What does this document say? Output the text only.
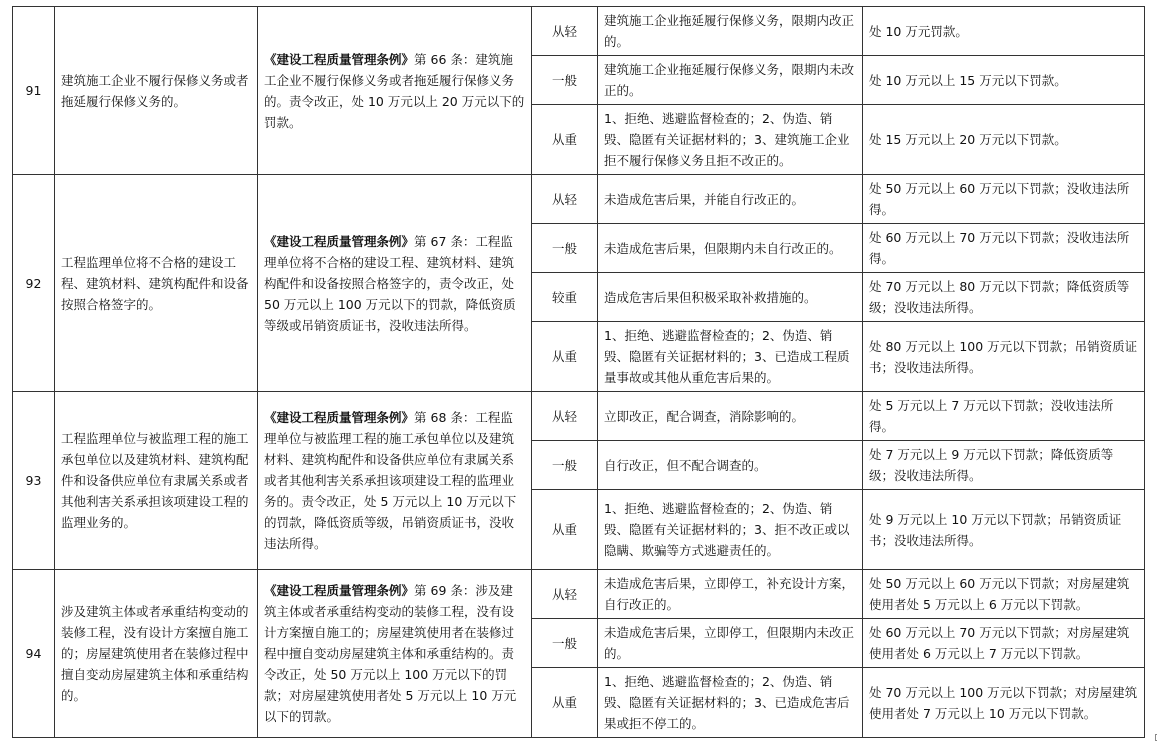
91	建筑施工企业不履行保修义务或者拖延履行保修义务的。	《建设工程质量管理条例》第 66 条：建筑施工企业不履行保修义务或者拖延履行保修义务的。责令改正，处 10 万元以上 20 万元以下的罚款。	从轻	建筑施工企业拖延履行保修义务，限期内改正的。	处 10 万元罚款。
			一般	建筑施工企业拖延履行保修义务，限期内未改正的。	处 10 万元以上 15 万元以下罚款。
			从重	1、拒绝、逃避监督检查的；2、伪造、销毁、隐匿有关证据材料的；3、建筑施工企业拒不履行保修义务且拒不改正的。	处 15 万元以上 20 万元以下罚款。
92	工程监理单位将不合格的建设工程、建筑材料、建筑构配件和设备按照合格签字的。	《建设工程质量管理条例》第 67 条：工程监理单位将不合格的建设工程、建筑材料、建筑构配件和设备按照合格签字的，责令改正，处 50 万元以上 100 万元以下的罚款，降低资质等级或吊销资质证书，没收违法所得。	从轻	未造成危害后果，并能自行改正的。	处 50 万元以上 60 万元以下罚款；没收违法所得。
			一般	未造成危害后果，但限期内未自行改正的。	处 60 万元以上 70 万元以下罚款；没收违法所得。
			较重	造成危害后果但积极采取补救措施的。	处 70 万元以上 80 万元以下罚款；降低资质等级；没收违法所得。
			从重	1、拒绝、逃避监督检查的；2、伪造、销毁、隐匿有关证据材料的；3、已造成工程质量事故或其他从重危害后果的。	处 80 万元以上 100 万元以下罚款；吊销资质证书；没收违法所得。
93	工程监理单位与被监理工程的施工承包单位以及建筑材料、建筑构配件和设备供应单位有隶属关系或者其他利害关系承担该项建设工程的监理业务的。	《建设工程质量管理条例》第 68 条：工程监理单位与被监理工程的施工承包单位以及建筑材料、建筑构配件和设备供应单位有隶属关系或者其他利害关系承担该项建设工程的监理业务的。责令改正，处 5 万元以上 10 万元以下的罚款，降低资质等级，吊销资质证书，没收违法所得。	从轻	立即改正，配合调查，消除影响的。	处 5 万元以上 7 万元以下罚款；没收违法所得。
			一般	自行改正，但不配合调查的。	处 7 万元以上 9 万元以下罚款；降低资质等级；没收违法所得。
			从重	1、拒绝、逃避监督检查的；2、伪造、销毁、隐匿有关证据材料的；3、拒不改正或以隐瞒、欺骗等方式逃避责任的。	处 9 万元以上 10 万元以下罚款；吊销资质证书；没收违法所得。
94	涉及建筑主体或者承重结构变动的装修工程，没有设计方案擅自施工的；房屋建筑使用者在装修过程中擅自变动房屋建筑主体和承重结构的。	《建设工程质量管理条例》第 69 条：涉及建筑主体或者承重结构变动的装修工程，没有设计方案擅自施工的；房屋建筑使用者在装修过程中擅自变动房屋建筑主体和承重结构的。责令改正，处 50 万元以上 100 万元以下的罚款；对房屋建筑使用者处 5 万元以上 10 万元以下的罚款。	从轻	未造成危害后果，立即停工，补充设计方案，自行改正的。	处 50 万元以上 60 万元以下罚款；对房屋建筑使用者处 5 万元以上 6 万元以下罚款。
			一般	未造成危害后果，立即停工，但限期内未改正的。	处 60 万元以上 70 万元以下罚款；对房屋建筑使用者处 6 万元以上 7 万元以下罚款。
			从重	1、拒绝、逃避监督检查的；2、伪造、销毁、隐匿有关证据材料的；3、已造成危害后果或拒不停工的。	处 70 万元以上 100 万元以下罚款；对房屋建筑使用者处 7 万元以上 10 万元以下罚款。
